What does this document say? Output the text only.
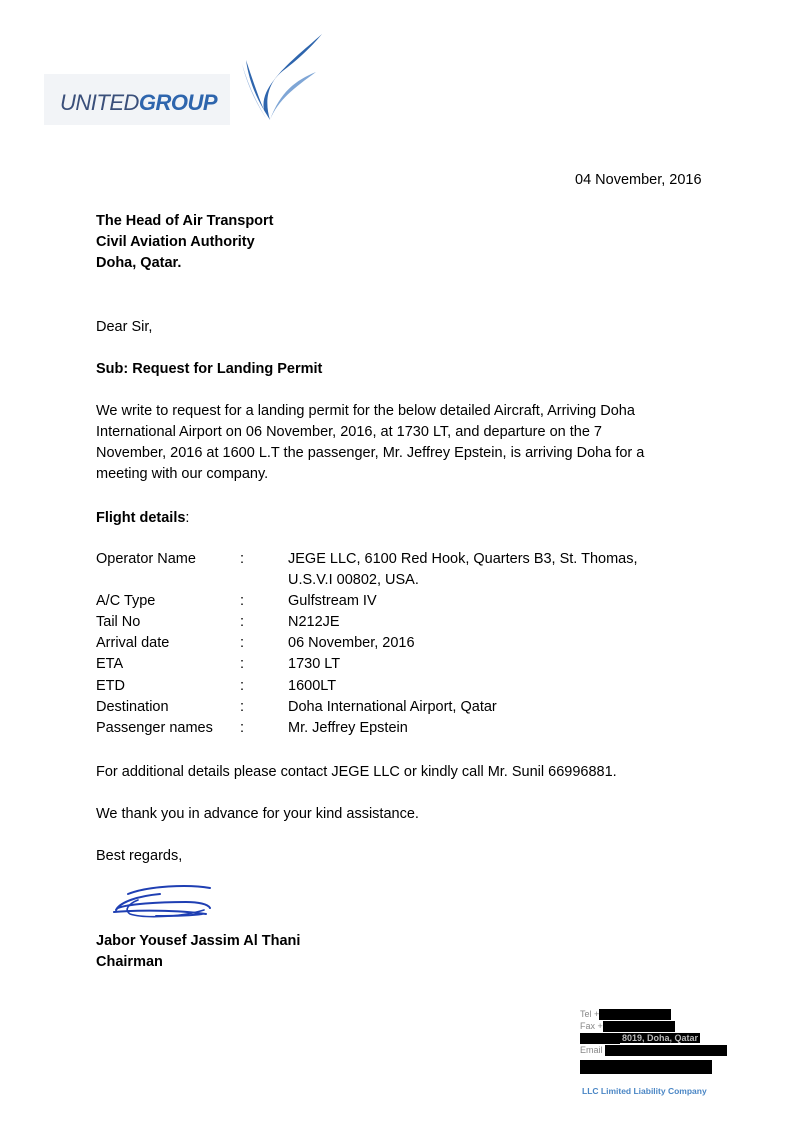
UNITEDGROUP
04 November, 2016
The Head of Air Transport
Civil Aviation Authority
Doha, Qatar.
Dear Sir,
Sub: Request for Landing Permit
We write to request for a landing permit for the below detailed Aircraft, Arriving Doha
International Airport on 06 November, 2016, at 1730 LT, and departure on the 7
November, 2016 at 1600 L.T the passenger, Mr. Jeffrey Epstein, is arriving Doha for a
meeting with our company.
Flight details:
Operator Name	:	JEGE LLC, 6100 Red Hook, Quarters B3, St. Thomas,
U.S.V.I 00802, USA.
A/C Type	:	Gulfstream IV
Tail No	:	N212JE
Arrival date	:	06 November, 2016
ETA	:	1730 LT
ETD	:	1600LT
Destination	:	Doha International Airport, Qatar
Passenger names :	Mr. Jeffrey Epstein
For additional details please contact JEGE LLC or kindly call Mr. Sunil 66996881.
We thank you in advance for your kind assistance.
Best regards,
Jabor Yousef Jassim Al Thani
Chairman
Tel +
Fax +
8019, Doha, Qatar
Email
LLC Limited Liability Company
